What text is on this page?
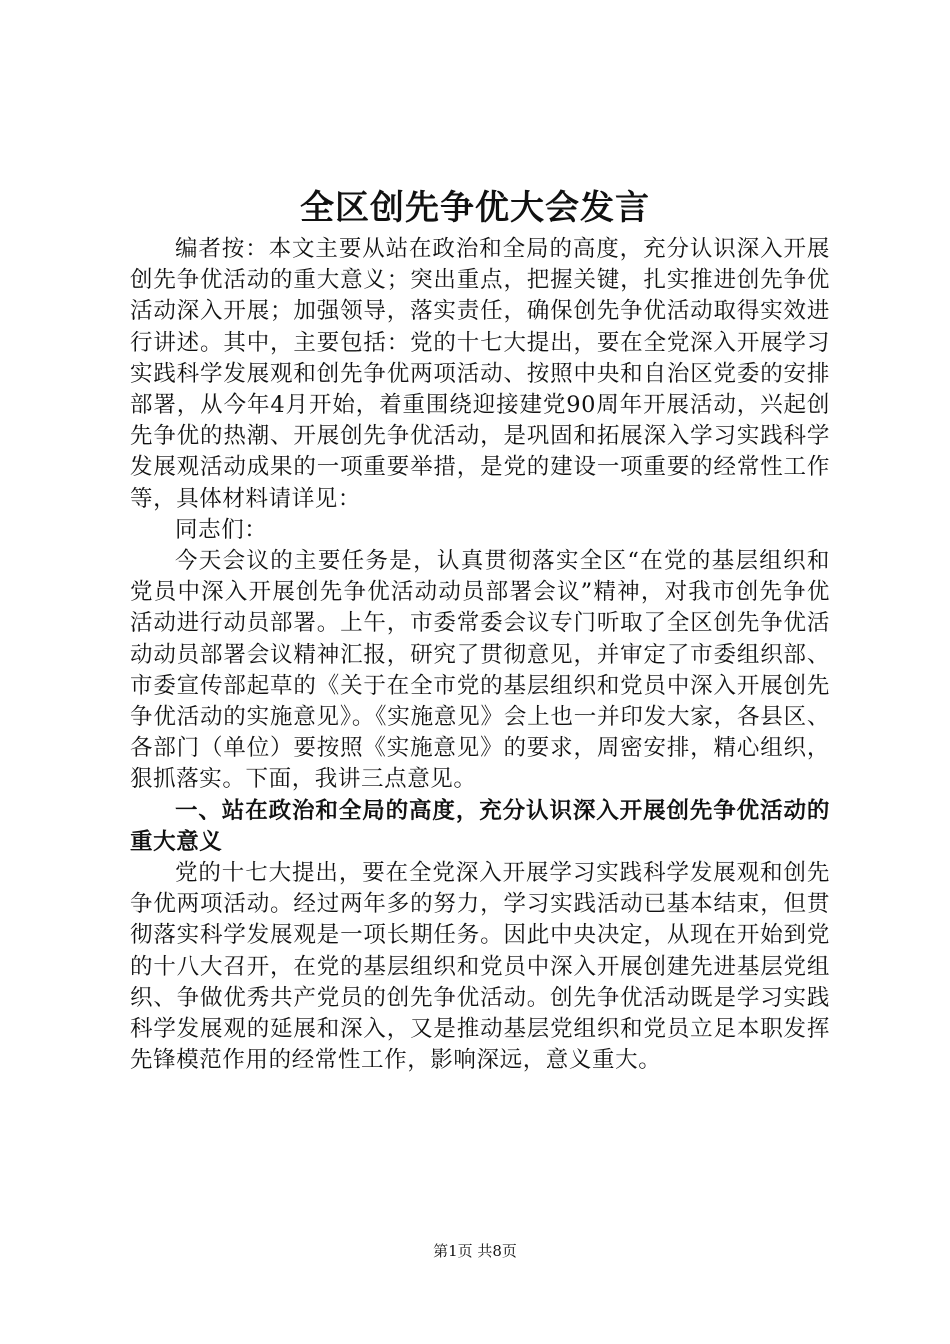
全区创先争优大会发言

编者按：本文主要从站在政治和全局的高度，充分认识深入开展创先争优活动的重大意义；突出重点，把握关键，扎实推进创先争优活动深入开展；加强领导，落实责任，确保创先争优活动取得实效进行讲述。其中，主要包括：党的十七大提出，要在全党深入开展学习实践科学发展观和创先争优两项活动、按照中央和自治区党委的安排部署，从今年4月开始，着重围绕迎接建党90周年开展活动，兴起创先争优的热潮、开展创先争优活动，是巩固和拓展深入学习实践科学发展观活动成果的一项重要举措，是党的建设一项重要的经常性工作等，具体材料请详见：

同志们：

今天会议的主要任务是，认真贯彻落实全区“在党的基层组织和党员中深入开展创先争优活动动员部署会议”精神，对我市创先争优活动进行动员部署。上午，市委常委会议专门听取了全区创先争优活动动员部署会议精神汇报，研究了贯彻意见，并审定了市委组织部、市委宣传部起草的《关于在全市党的基层组织和党员中深入开展创先争优活动的实施意见》。《实施意见》会上也一并印发大家，各县区、各部门（单位）要按照《实施意见》的要求，周密安排，精心组织，狠抓落实。下面，我讲三点意见。

一、站在政治和全局的高度，充分认识深入开展创先争优活动的重大意义

党的十七大提出，要在全党深入开展学习实践科学发展观和创先争优两项活动。经过两年多的努力，学习实践活动已基本结束，但贯彻落实科学发展观是一项长期任务。因此中央决定，从现在开始到党的十八大召开，在党的基层组织和党员中深入开展创建先进基层党组织、争做优秀共产党员的创先争优活动。创先争优活动既是学习实践科学发展观的延展和深入，又是推动基层党组织和党员立足本职发挥先锋模范作用的经常性工作，影响深远，意义重大。

第1页 共8页
